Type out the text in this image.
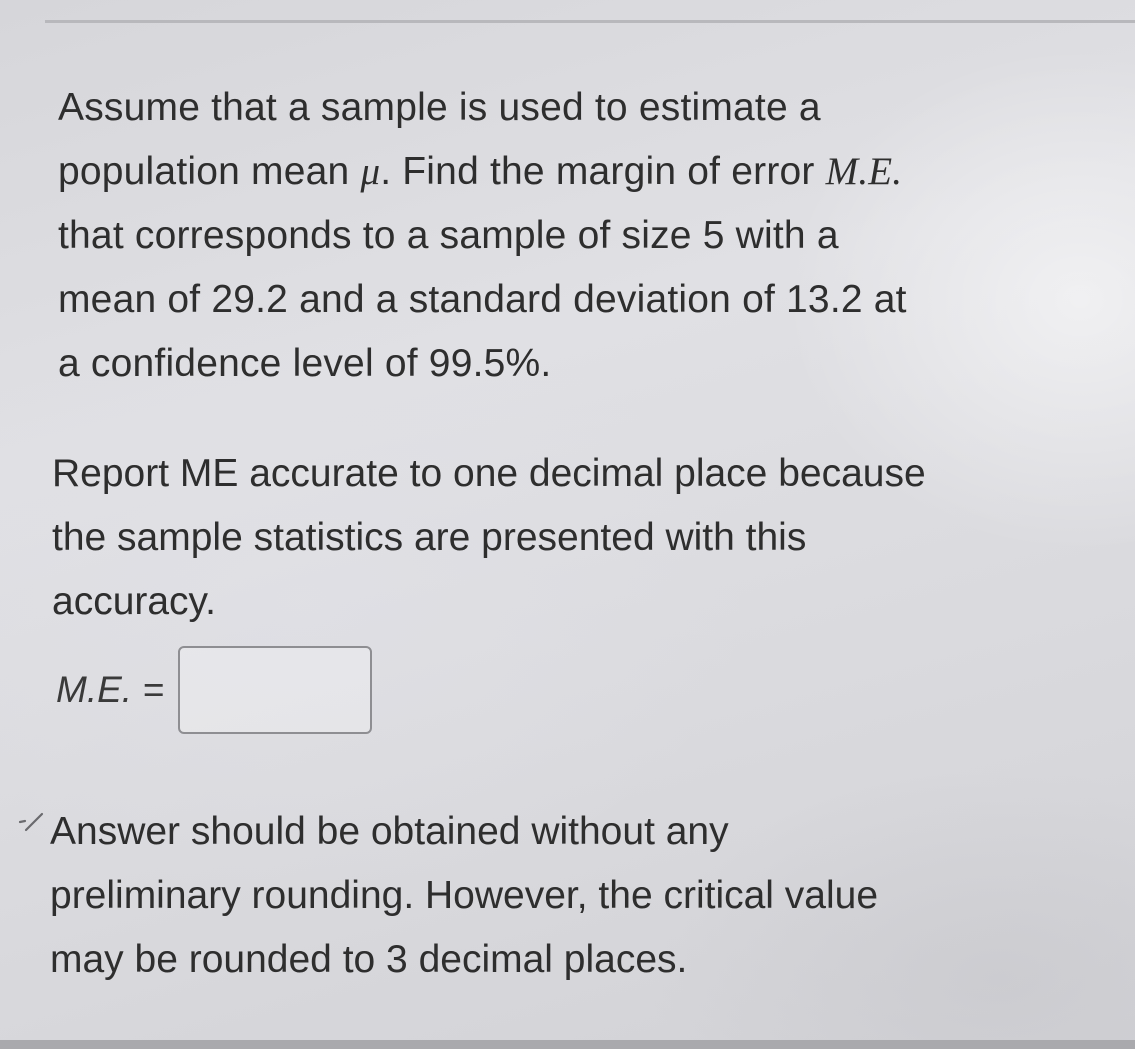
Assume that a sample is used to estimate a
population mean μ. Find the margin of error M.E.
that corresponds to a sample of size 5 with a
mean of 29.2 and a standard deviation of 13.2 at
a confidence level of 99.5%.
Report ME accurate to one decimal place because
the sample statistics are presented with this
accuracy.
M.E. =
Answer should be obtained without any
preliminary rounding. However, the critical value
may be rounded to 3 decimal places.
